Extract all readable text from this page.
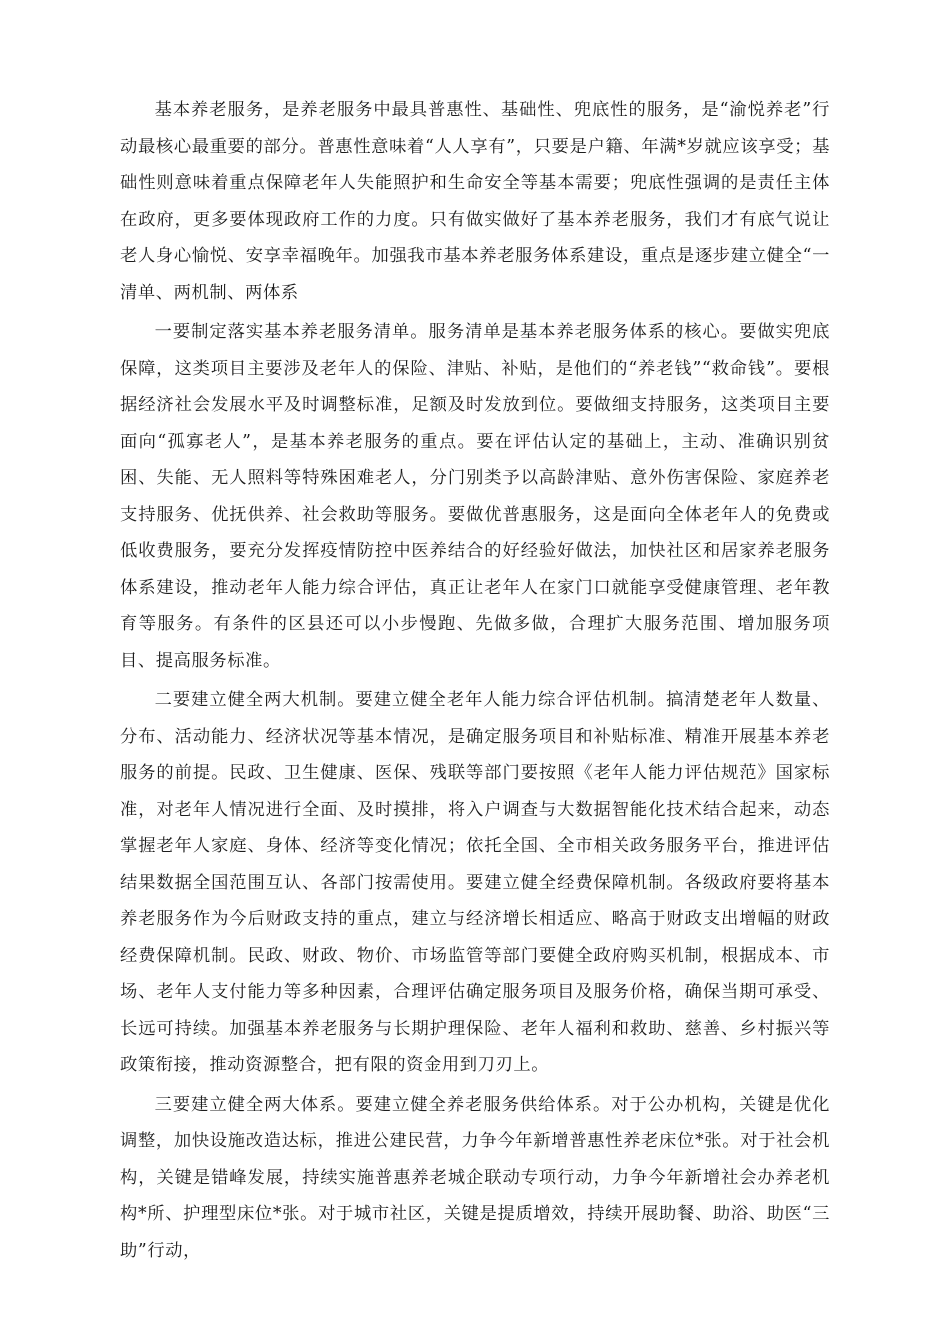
基本养老服务，是养老服务中最具普惠性、基础性、兜底性的服务，是“渝悦养老”行动最核心最重要的部分。普惠性意味着“人人享有”，只要是户籍、年满*岁就应该享受；基础性则意味着重点保障老年人失能照护和生命安全等基本需要；兜底性强调的是责任主体在政府，更多要体现政府工作的力度。只有做实做好了基本养老服务，我们才有底气说让老人身心愉悦、安享幸福晚年。加强我市基本养老服务体系建设，重点是逐步建立健全“一清单、两机制、两体系

一要制定落实基本养老服务清单。服务清单是基本养老服务体系的核心。要做实兜底保障，这类项目主要涉及老年人的保险、津贴、补贴，是他们的“养老钱”“救命钱”。要根据经济社会发展水平及时调整标准，足额及时发放到位。要做细支持服务，这类项目主要面向“孤寡老人”，是基本养老服务的重点。要在评估认定的基础上，主动、准确识别贫困、失能、无人照料等特殊困难老人，分门别类予以高龄津贴、意外伤害保险、家庭养老支持服务、优抚供养、社会救助等服务。要做优普惠服务，这是面向全体老年人的免费或低收费服务，要充分发挥疫情防控中医养结合的好经验好做法，加快社区和居家养老服务体系建设，推动老年人能力综合评估，真正让老年人在家门口就能享受健康管理、老年教育等服务。有条件的区县还可以小步慢跑、先做多做，合理扩大服务范围、增加服务项目、提高服务标准。

二要建立健全两大机制。要建立健全老年人能力综合评估机制。搞清楚老年人数量、分布、活动能力、经济状况等基本情况，是确定服务项目和补贴标准、精准开展基本养老服务的前提。民政、卫生健康、医保、残联等部门要按照《老年人能力评估规范》国家标准，对老年人情况进行全面、及时摸排，将入户调查与大数据智能化技术结合起来，动态掌握老年人家庭、身体、经济等变化情况；依托全国、全市相关政务服务平台，推进评估结果数据全国范围互认、各部门按需使用。要建立健全经费保障机制。各级政府要将基本养老服务作为今后财政支持的重点，建立与经济增长相适应、略高于财政支出增幅的财政经费保障机制。民政、财政、物价、市场监管等部门要健全政府购买机制，根据成本、市场、老年人支付能力等多种因素，合理评估确定服务项目及服务价格，确保当期可承受、长远可持续。加强基本养老服务与长期护理保险、老年人福利和救助、慈善、乡村振兴等政策衔接，推动资源整合，把有限的资金用到刀刃上。

三要建立健全两大体系。要建立健全养老服务供给体系。对于公办机构，关键是优化调整，加快设施改造达标，推进公建民营，力争今年新增普惠性养老床位*张。对于社会机构，关键是错峰发展，持续实施普惠养老城企联动专项行动，力争今年新增社会办养老机构*所、护理型床位*张。对于城市社区，关键是提质增效，持续开展助餐、助浴、助医“三助”行动，
